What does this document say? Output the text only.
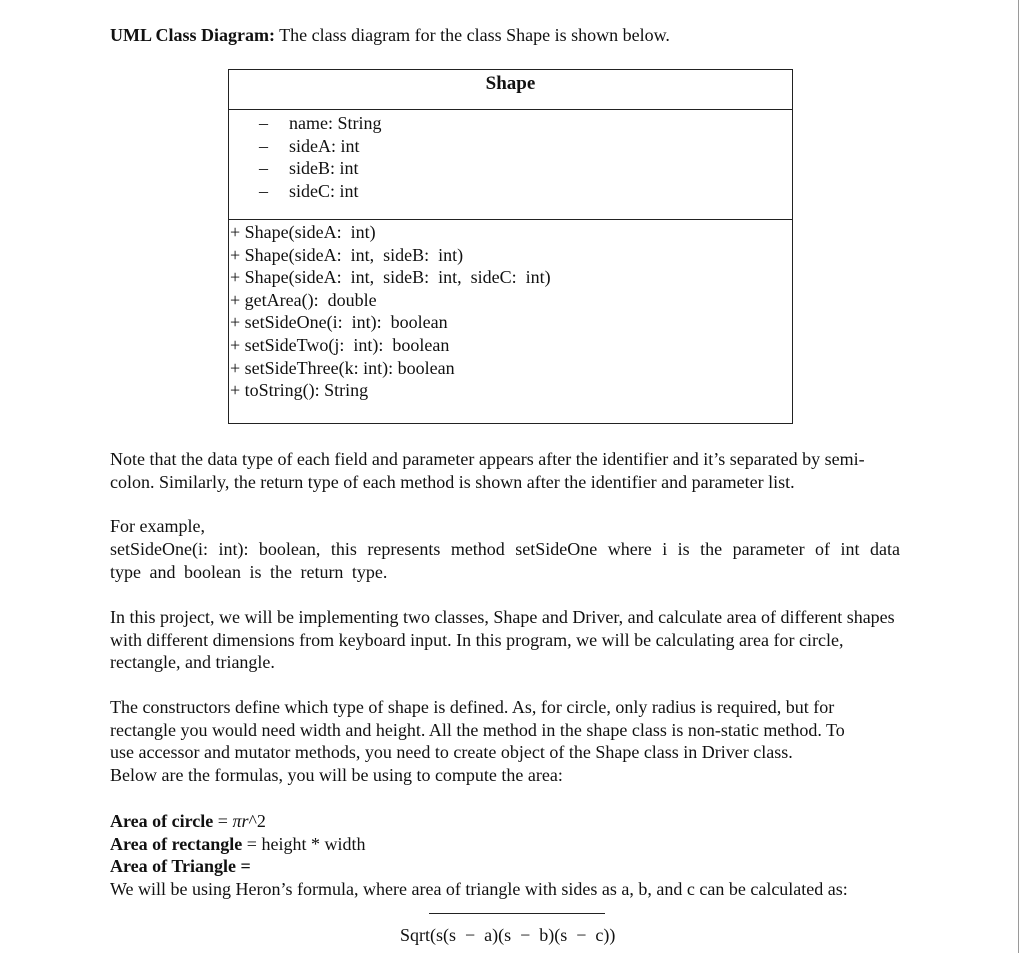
UML Class Diagram: The class diagram for the class Shape is shown below.

Shape
–	name: String
–	sideA: int
–	sideB: int
–	sideC: int
+ Shape(sideA:  int)
+ Shape(sideA:  int,  sideB:  int)
+ Shape(sideA:  int,  sideB:  int,  sideC:  int)
+ getArea():  double
+ setSideOne(i:  int):  boolean
+ setSideTwo(j:  int):  boolean
+ setSideThree(k: int): boolean
+ toString(): String

Note that the data type of each field and parameter appears after the identifier and it’s separated by semi-colon. Similarly, the return type of each method is shown after the identifier and parameter list.

For example,

setSideOne(i: int): boolean, this represents method setSideOne where i is the parameter of int data type and boolean is the return type.

In this project, we will be implementing two classes, Shape and Driver, and calculate area of different shapes with different dimensions from keyboard input. In this program, we will be calculating area for circle, rectangle, and triangle.

The constructors define which type of shape is defined. As, for circle, only radius is required, but for
rectangle you would need width and height. All the method in the shape class is non-static method. To
use accessor and mutator methods, you need to create object of the Shape class in Driver class.
Below are the formulas, you will be using to compute the area:
Area of circle = πr^2
Area of rectangle = height * width
Area of Triangle =
We will be using Heron’s formula, where area of triangle with sides as a, b, and c can be calculated as:
Sqrt(s(s  −  a)(s  −  b)(s  −  c))
